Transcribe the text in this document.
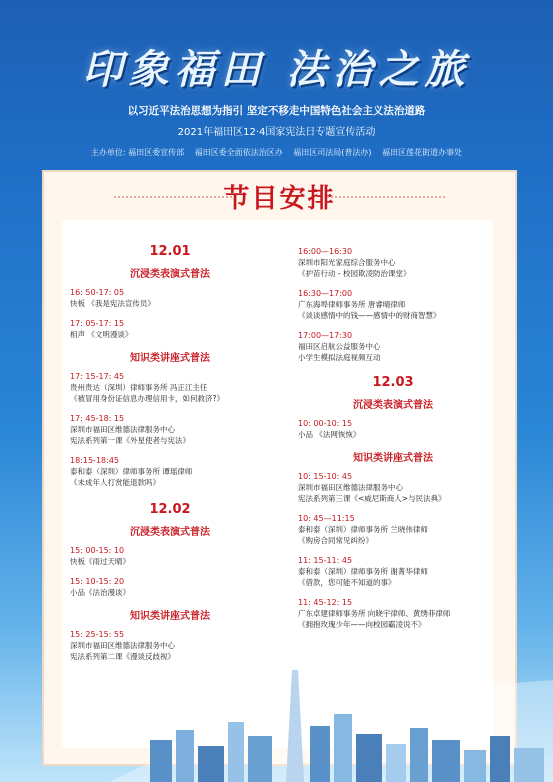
印象福田 法治之旅
以习近平法治思想为指引 坚定不移走中国特色社会主义法治道路
2021年福田区12·4国家宪法日专题宣传活动
主办单位: 福田区委宣传部 福田区委全面依法治区办 福田区司法局(普法办) 福田区莲花街道办事处
节目安排
12.01
沉浸类表演式普法
16: 50-17: 05
快板 《我是宪法宣传员》
17: 05-17: 15
相声 《文明漫谈》
知识类讲座式普法
17: 15-17: 45
贵州贵达（深圳）律师事务所 冯正江主任
《被冒用身份证信息办理信用卡，如何救济?》
17: 45-18: 15
深圳市福田区维德法律服务中心
宪法系列第一课《外星使者与宪法》
18:15-18:45
泰和泰（深圳）律师事务所 谭瑶律师
《未成年人打赏能退款吗》
12.02
沉浸类表演式普法
15: 00-15: 10
快板《雨过天晴》
15: 10-15: 20
小品《法治漫谈》
知识类讲座式普法
15: 25-15: 55
深圳市福田区维德法律服务中心
宪法系列第二课《漫谈反歧视》
16:00—16:30
深圳市阳光家庭综合服务中心
《护苗行动 - 校园欺凌防治课堂》
16:30—17:00
广东海埠律师事务所 唐睿晴律师
《谈谈感情中的钱——感情中的财商智慧》
17:00—17:30
福田区启航公益服务中心
小学生模拟法庭视频互动
12.03
沉浸类表演式普法
10: 00-10: 15
小品 《法网恢恢》
知识类讲座式普法
10: 15-10: 45
深圳市福田区维德法律服务中心
宪法系列第三课《<威尼斯商人>与民法典》
10: 45—11:15
泰和泰（深圳）律师事务所 兰晓伟律师
《购房合同常见纠纷》
11: 15-11: 45
泰和泰（深圳）律师事务所 谢菁华律师
《借款，您可能不知道的事》
11: 45-12: 15
广东卓建律师事务所 向晓宇律师、黄绣菲律师
《拥抱玫瑰少年——向校园霸凌说不》
